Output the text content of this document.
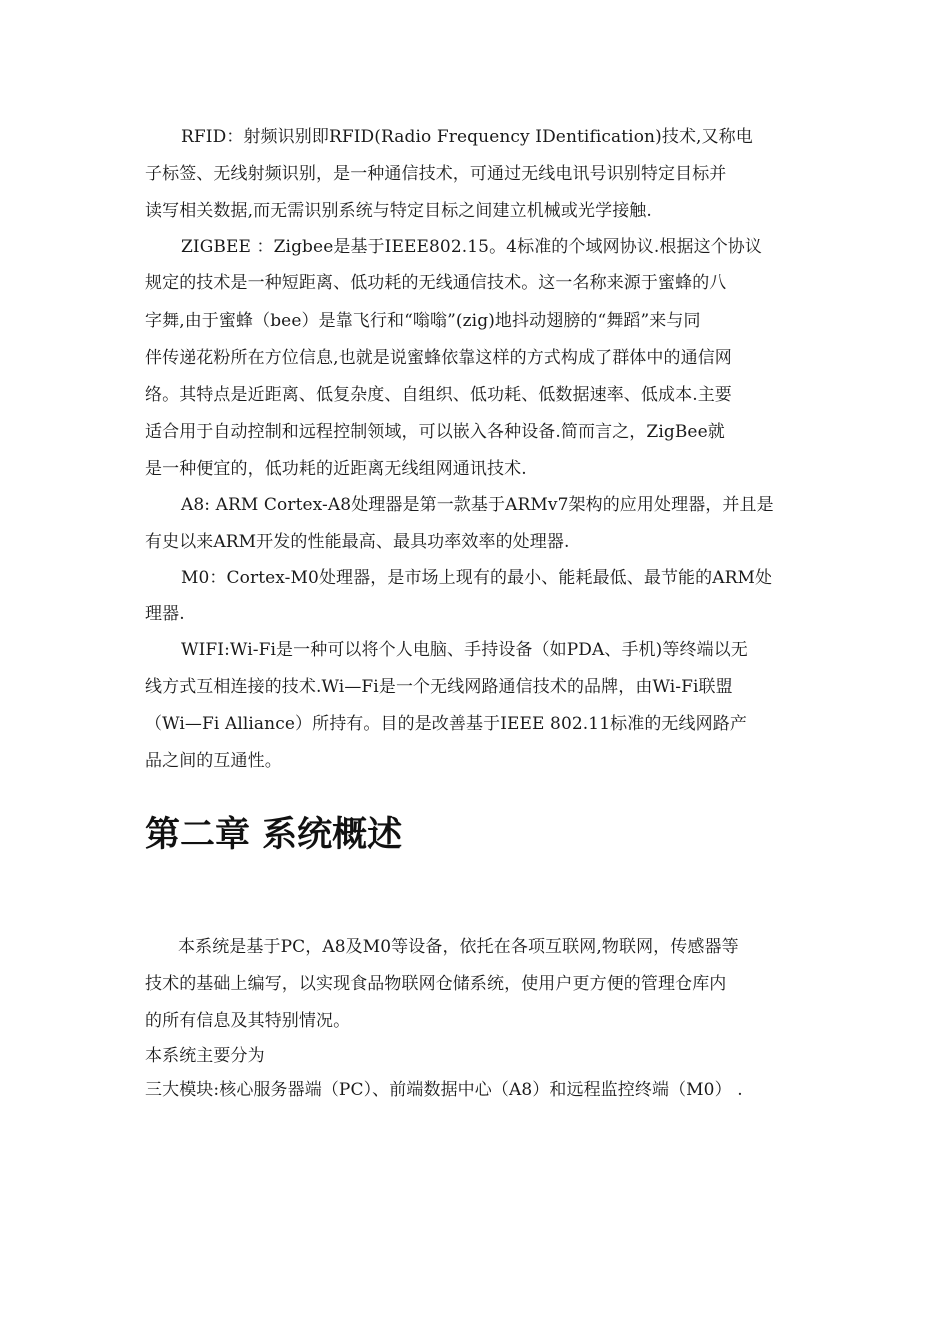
RFID：射频识别即RFID(Radio Frequency IDentification)技术,又称电
子标签、无线射频识别，是一种通信技术，可通过无线电讯号识别特定目标并
读写相关数据,而无需识别系统与特定目标之间建立机械或光学接触.
ZIGBEE ：Zigbee是基于IEEE802.15。4标准的个域网协议.根据这个协议
规定的技术是一种短距离、低功耗的无线通信技术。这一名称来源于蜜蜂的八
字舞,由于蜜蜂（bee）是靠飞行和“嗡嗡”(zig)地抖动翅膀的“舞蹈”来与同
伴传递花粉所在方位信息,也就是说蜜蜂依靠这样的方式构成了群体中的通信网
络。其特点是近距离、低复杂度、自组织、低功耗、低数据速率、低成本.主要
适合用于自动控制和远程控制领域，可以嵌入各种设备.简而言之，ZigBee就
是一种便宜的，低功耗的近距离无线组网通讯技术.
A8: ARM Cortex-A8处理器是第一款基于ARMv7架构的应用处理器，并且是
有史以来ARM开发的性能最高、最具功率效率的处理器.
M0：Cortex-M0处理器，是市场上现有的最小、能耗最低、最节能的ARM处
理器.
WIFI:Wi-Fi是一种可以将个人电脑、手持设备（如PDA、手机)等终端以无
线方式互相连接的技术.Wi—Fi是一个无线网路通信技术的品牌，由Wi-Fi联盟
（Wi—Fi Alliance）所持有。目的是改善基于IEEE 802.11标准的无线网路产
品之间的互通性。
第二章 系统概述
本系统是基于PC，A8及M0等设备，依托在各项互联网,物联网，传感器等
技术的基础上编写，以实现食品物联网仓储系统，使用户更方便的管理仓库内
的所有信息及其特别情况。
本系统主要分为
三大模块:核心服务器端（PC）、前端数据中心（A8）和远程监控终端（M0） .
